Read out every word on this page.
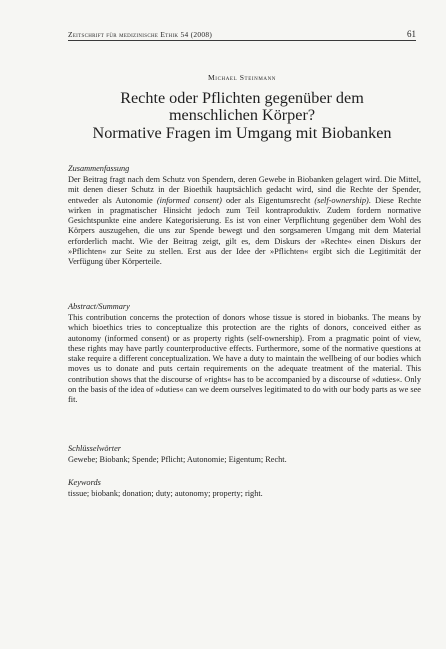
Zeitschrift für medizinische Ethik 54 (2008)	61
Michael Steinmann
Rechte oder Pflichten gegenüber dem
menschlichen Körper?
Normative Fragen im Umgang mit Biobanken
Zusammenfassung

Der Beitrag fragt nach dem Schutz von Spendern, deren Gewebe in Biobanken gelagert wird. Die Mittel, mit denen dieser Schutz in der Bioethik hauptsächlich gedacht wird, sind die Rechte der Spender, entweder als Autonomie (informed consent) oder als Eigentumsrecht (self-ownership). Diese Rechte wirken in pragmatischer Hinsicht jedoch zum Teil kontraproduktiv. Zudem fordern normative Gesichtspunkte eine andere Kategorisierung. Es ist von einer Verpflichtung gegenüber dem Wohl des Körpers auszugehen, die uns zur Spende bewegt und den sorgsameren Umgang mit dem Material erforderlich macht. Wie der Beitrag zeigt, gilt es, dem Diskurs der »Rechte« einen Diskurs der »Pflichten« zur Seite zu stellen. Erst aus der Idee der »Pflichten« ergibt sich die Legitimität der Verfügung über Körperteile.

Abstract/Summary

This contribution concerns the protection of donors whose tissue is stored in biobanks. The means by which bioethics tries to conceptualize this protection are the rights of donors, conceived either as autonomy (informed consent) or as property rights (self-ownership). From a pragmatic point of view, these rights may have partly counterproductive effects. Furthermore, some of the normative questions at stake require a different conceptualization. We have a duty to maintain the wellbeing of our bodies which moves us to donate and puts certain requirements on the adequate treatment of the material. This contribution shows that the discourse of »rights« has to be accompanied by a discourse of »duties«. Only on the basis of the idea of »duties« can we deem ourselves legitimated to do with our body parts as we see fit.

Schlüsselwörter

Gewebe; Biobank; Spende; Pflicht; Autonomie; Eigentum; Recht.

Keywords

tissue; biobank; donation; duty; autonomy; property; right.
